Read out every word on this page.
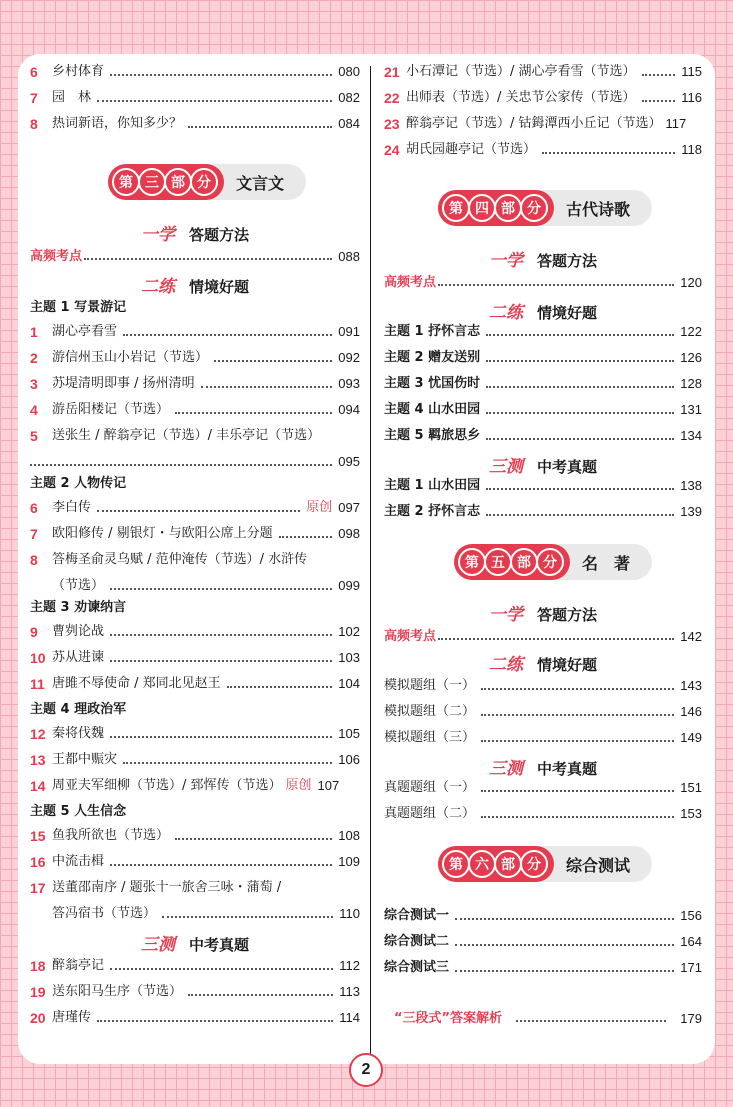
6	乡村体育	080
7	园　林	082
8	热词新语，你知多少？	084
第 三 部 分	文言文
一学 答题方法
高频考点	088
二练 情境好题
主题 1 写景游记
1	湖心亭看雪	091
2	游信州玉山小岩记（节选）	092
3	苏堤清明即事 / 扬州清明	093
4	游岳阳楼记（节选）	094
5	送张生 / 醉翁亭记（节选）/ 丰乐亭记（节选）
095
主题 2 人物传记
6	李白传	原创 097
7	欧阳修传 / 剔银灯・与欧阳公席上分题	098
8	答梅圣俞灵乌赋 / 范仲淹传（节选）/ 水浒传
（节选）	099
主题 3 劝谏纳言
9	曹刿论战	102
10 苏从进谏	103
11 唐雎不辱使命 / 郑同北见赵王	104
主题 4 理政治军
12 秦将伐魏	105
13 王都中赈灾	106
14 周亚夫军细柳（节选）/ 郅恽传（节选） 原创 107
主题 5 人生信念
15 鱼我所欲也（节选）	108
16 中流击楫	109
17 送董邵南序 / 题张十一旅舍三咏・蒲萄 /
答冯宿书（节选）	110
三测 中考真题
18 醉翁亭记	112
19 送东阳马生序（节选）	113
20 唐瑾传	114
21 小石潭记（节选）/ 湖心亭看雪（节选）	115
22 出师表（节选）/ 关忠节公家传（节选）	116
23 醉翁亭记（节选）/ 钴鉧潭西小丘记（节选） 117
24 胡氏园趣亭记（节选）	118
第 四 部 分	古代诗歌
一学 答题方法
高频考点	120
二练 情境好题
主题 1 抒怀言志	122
主题 2 赠友送别	126
主题 3 忧国伤时	128
主题 4 山水田园	131
主题 5 羁旅思乡	134
三测 中考真题
主题 1 山水田园	138
主题 2 抒怀言志	139
第 五 部 分	名　著
一学 答题方法
高频考点	142
二练 情境好题
模拟题组（一）	143
模拟题组（二）	146
模拟题组（三）	149
三测 中考真题
真题题组（一）	151
真题题组（二）	153
第 六 部 分	综合测试
综合测试一	156
综合测试二	164
综合测试三	171
“三段式”答案解析	179
2
